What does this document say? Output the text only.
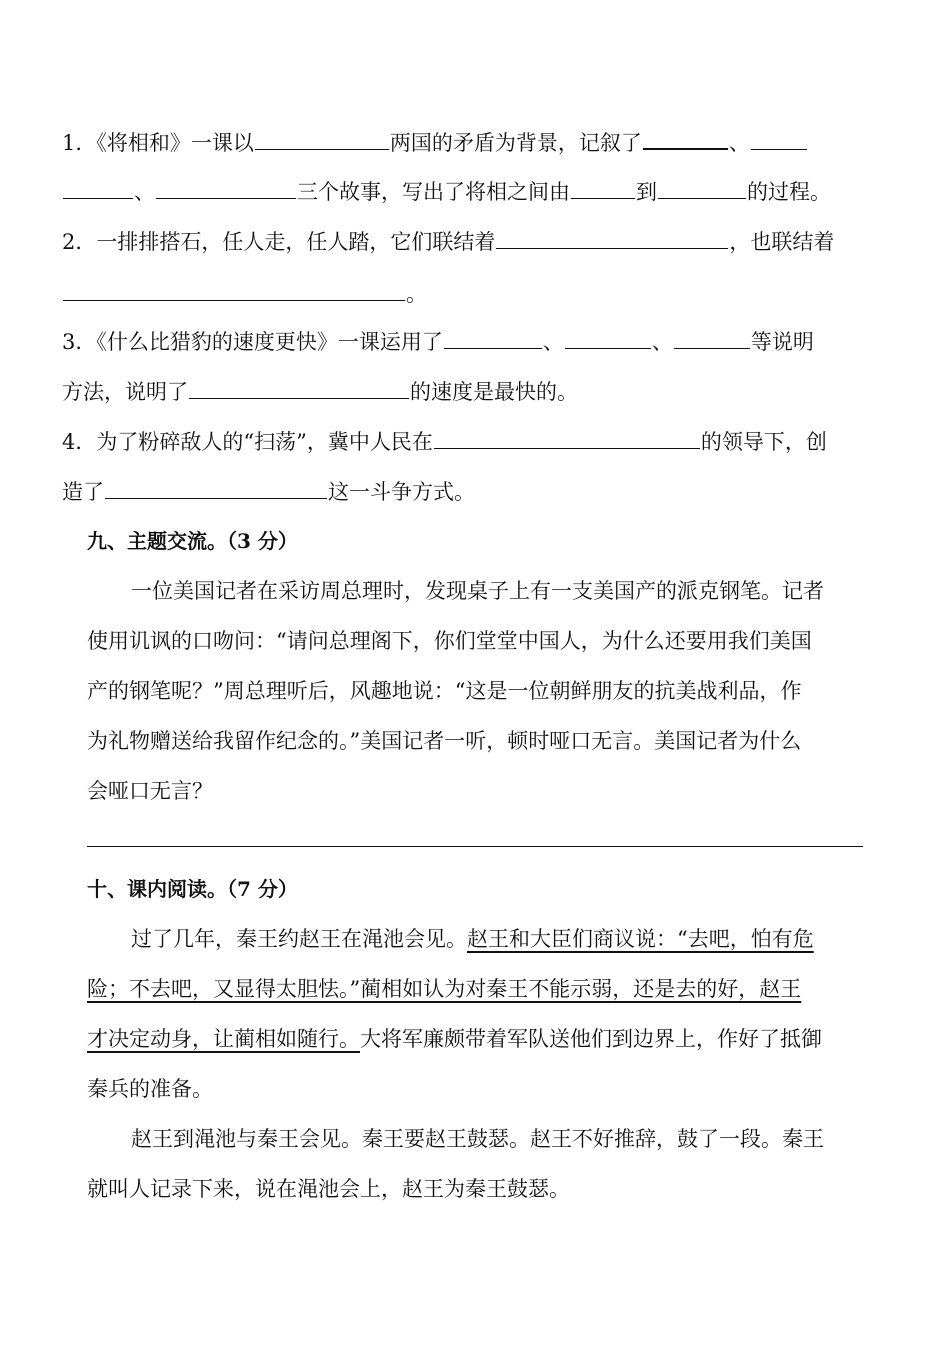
1．《将相和》一课以	两国的矛盾为背景，记叙了	、
、	三个故事，写出了将相之间由	到	的过程。
2．一排排搭石，任人走，任人踏，它们联结着	，也联结着
。
3．《什么比猎豹的速度更快》一课运用了	、	、	等说明
方法，说明了	的速度是最快的。
4．为了粉碎敌人的“扫荡”，冀中人民在	的领导下，创
造了	这一斗争方式。
九、主题交流。（3 分）
一位美国记者在采访周总理时，发现桌子上有一支美国产的派克钢笔。记者
使用讥讽的口吻问：“请问总理阁下，你们堂堂中国人，为什么还要用我们美国
产的钢笔呢？”周总理听后，风趣地说：“这是一位朝鲜朋友的抗美战利品，作
为礼物赠送给我留作纪念的。”美国记者一听，顿时哑口无言。美国记者为什么
会哑口无言？
十、课内阅读。（7 分）
过了几年，秦王约赵王在渑池会见。赵王和大臣们商议说：“去吧，怕有危
险；不去吧，又显得太胆怯。”蔺相如认为对秦王不能示弱，还是去的好，赵王
才决定动身，让蔺相如随行。大将军廉颇带着军队送他们到边界上，作好了抵御
秦兵的准备。
赵王到渑池与秦王会见。秦王要赵王鼓瑟。赵王不好推辞，鼓了一段。秦王
就叫人记录下来，说在渑池会上，赵王为秦王鼓瑟。
